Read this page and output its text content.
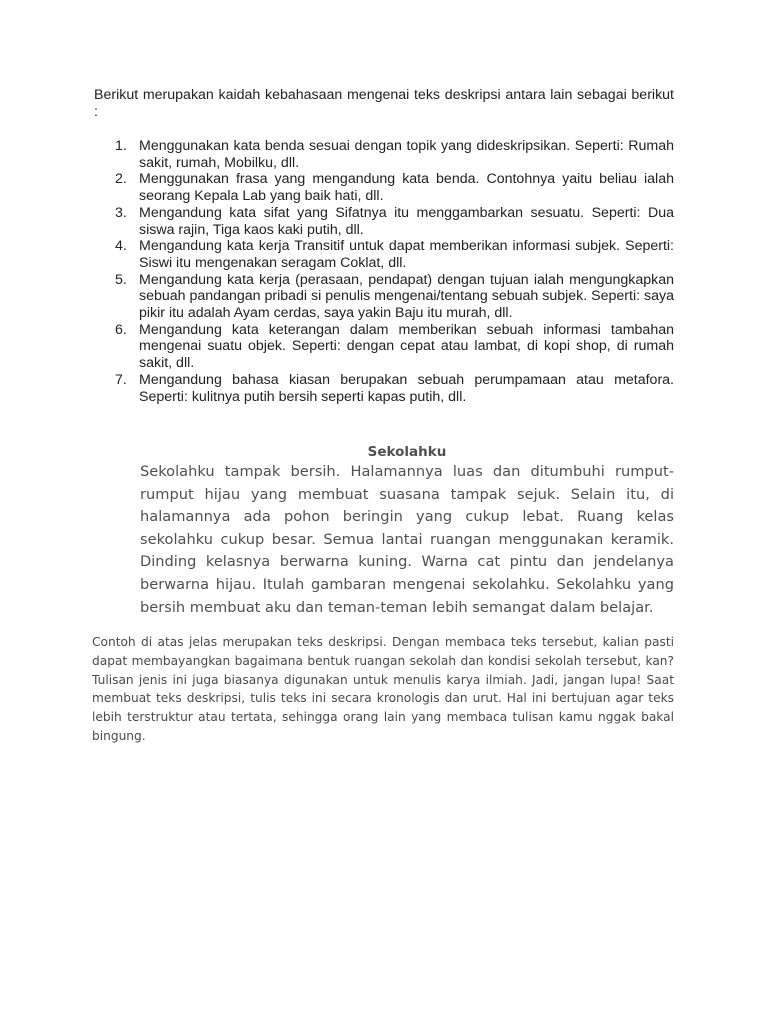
Berikut merupakan kaidah kebahasaan mengenai teks deskripsi antara lain sebagai berikut :

1. Menggunakan kata benda sesuai dengan topik yang dideskripsikan. Seperti: Rumah sakit, rumah, Mobilku, dll.
2. Menggunakan frasa yang mengandung kata benda. Contohnya yaitu beliau ialah seorang Kepala Lab yang baik hati, dll.
3. Mengandung kata sifat yang Sifatnya itu menggambarkan sesuatu. Seperti: Dua siswa rajin, Tiga kaos kaki putih, dll.
4. Mengandung kata kerja Transitif untuk dapat memberikan informasi subjek. Seperti: Siswi itu mengenakan seragam Coklat, dll.
5. Mengandung kata kerja (perasaan, pendapat) dengan tujuan ialah mengungkapkan sebuah pandangan pribadi si penulis mengenai/tentang sebuah subjek. Seperti: saya pikir itu adalah Ayam cerdas, saya yakin Baju itu murah, dll.
6. Mengandung kata keterangan dalam memberikan sebuah informasi tambahan mengenai suatu objek. Seperti: dengan cepat atau lambat, di kopi shop, di rumah sakit, dll.
7. Mengandung bahasa kiasan berupakan sebuah perumpamaan atau metafora. Seperti: kulitnya putih bersih seperti kapas putih, dll.
Sekolahku

Sekolahku tampak bersih. Halamannya luas dan ditumbuhi rumput-rumput hijau yang membuat suasana tampak sejuk. Selain itu, di halamannya ada pohon beringin yang cukup lebat. Ruang kelas sekolahku cukup besar. Semua lantai ruangan menggunakan keramik. Dinding kelasnya berwarna kuning. Warna cat pintu dan jendelanya berwarna hijau. Itulah gambaran mengenai sekolahku. Sekolahku yang bersih membuat aku dan teman-teman lebih semangat dalam belajar.

Contoh di atas jelas merupakan teks deskripsi. Dengan membaca teks tersebut, kalian pasti dapat membayangkan bagaimana bentuk ruangan sekolah dan kondisi sekolah tersebut, kan? Tulisan jenis ini juga biasanya digunakan untuk menulis karya ilmiah. Jadi, jangan lupa! Saat membuat teks deskripsi, tulis teks ini secara kronologis dan urut. Hal ini bertujuan agar teks lebih terstruktur atau tertata, sehingga orang lain yang membaca tulisan kamu nggak bakal bingung.
